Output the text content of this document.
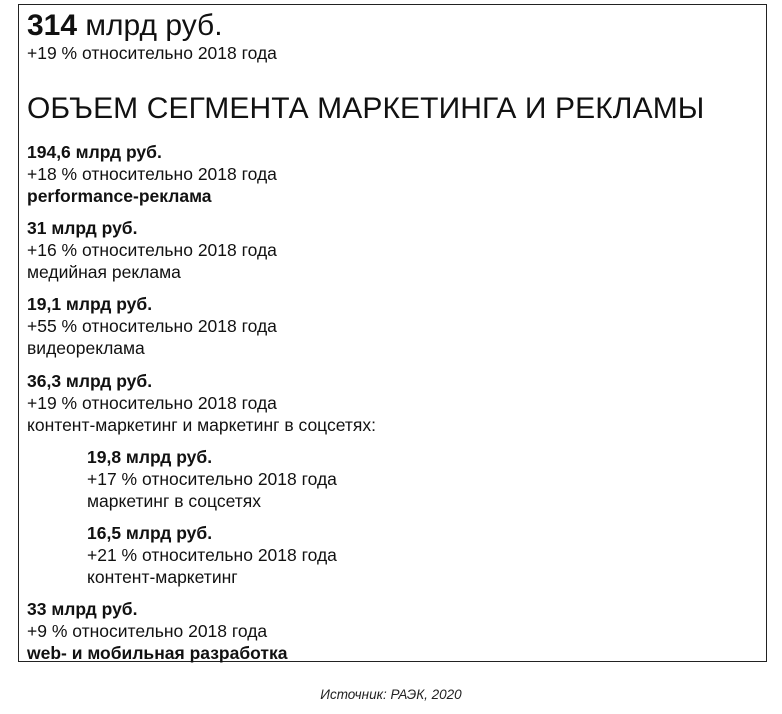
314 млрд руб.
+19 % относительно 2018 года
ОБЪЕМ СЕГМЕНТА МАРКЕТИНГА И РЕКЛАМЫ
194,6 млрд руб.
+18 % относительно 2018 года
performance-реклама
31 млрд руб.
+16 % относительно 2018 года
медийная реклама
19,1 млрд руб.
+55 % относительно 2018 года
видеореклама
36,3 млрд руб.
+19 % относительно 2018 года
контент-маркетинг и маркетинг в соцсетях:
19,8 млрд руб.
+17 % относительно 2018 года
маркетинг в соцсетях
16,5 млрд руб.
+21 % относительно 2018 года
контент-маркетинг
33 млрд руб.
+9 % относительно 2018 года
web- и мобильная разработка
Источник: РАЭК, 2020
